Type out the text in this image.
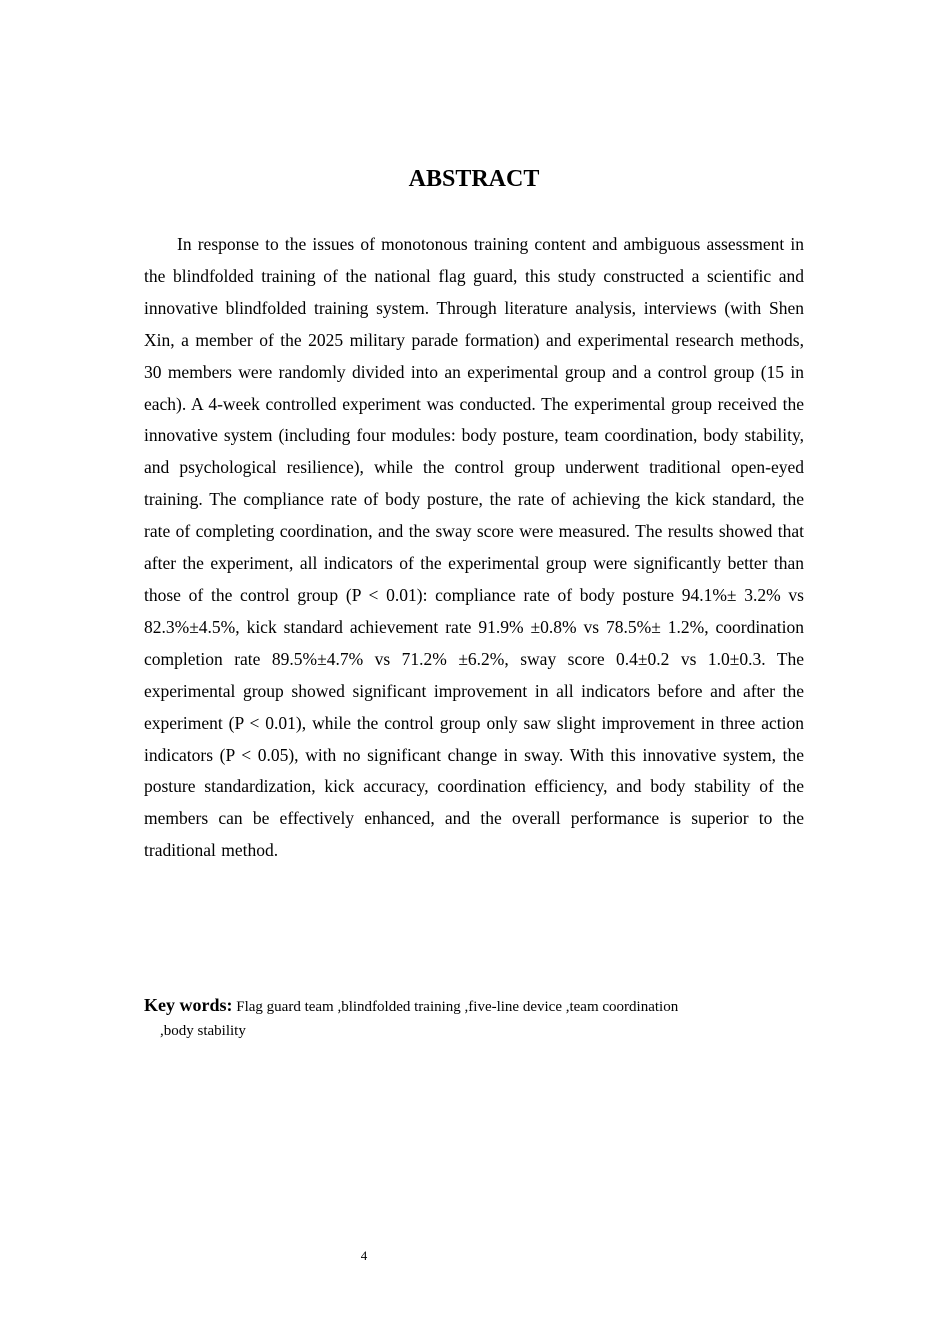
ABSTRACT

In response to the issues of monotonous training content and ambiguous assessment in the blindfolded training of the national flag guard, this study constructed a scientific and innovative blindfolded training system. Through literature analysis, interviews (with Shen Xin, a member of the 2025 military parade formation) and experimental research methods, 30 members were randomly divided into an experimental group and a control group (15 in each). A 4-week controlled experiment was conducted. The experimental group received the innovative system (including four modules: body posture, team coordination, body stability, and psychological resilience), while the control group underwent traditional open-eyed training. The compliance rate of body posture, the rate of achieving the kick standard, the rate of completing coordination, and the sway score were measured. The results showed that after the experiment, all indicators of the experimental group were significantly better than those of the control group (P < 0.01): compliance rate of body posture 94.1%± 3.2% vs 82.3%±4.5%, kick standard achievement rate 91.9% ±0.8% vs 78.5%± 1.2%, coordination completion rate 89.5%±4.7% vs 71.2% ±6.2%, sway score 0.4±0.2 vs 1.0±0.3. The experimental group showed significant improvement in all indicators before and after the experiment (P < 0.01), while the control group only saw slight improvement in three action indicators (P < 0.05), with no significant change in sway. With this innovative system, the posture standardization, kick accuracy, coordination efficiency, and body stability of the members can be effectively enhanced, and the overall performance is superior to the traditional method.

Key words: Flag guard team ,blindfolded training ,five-line device ,team coordination
,body stability
4
